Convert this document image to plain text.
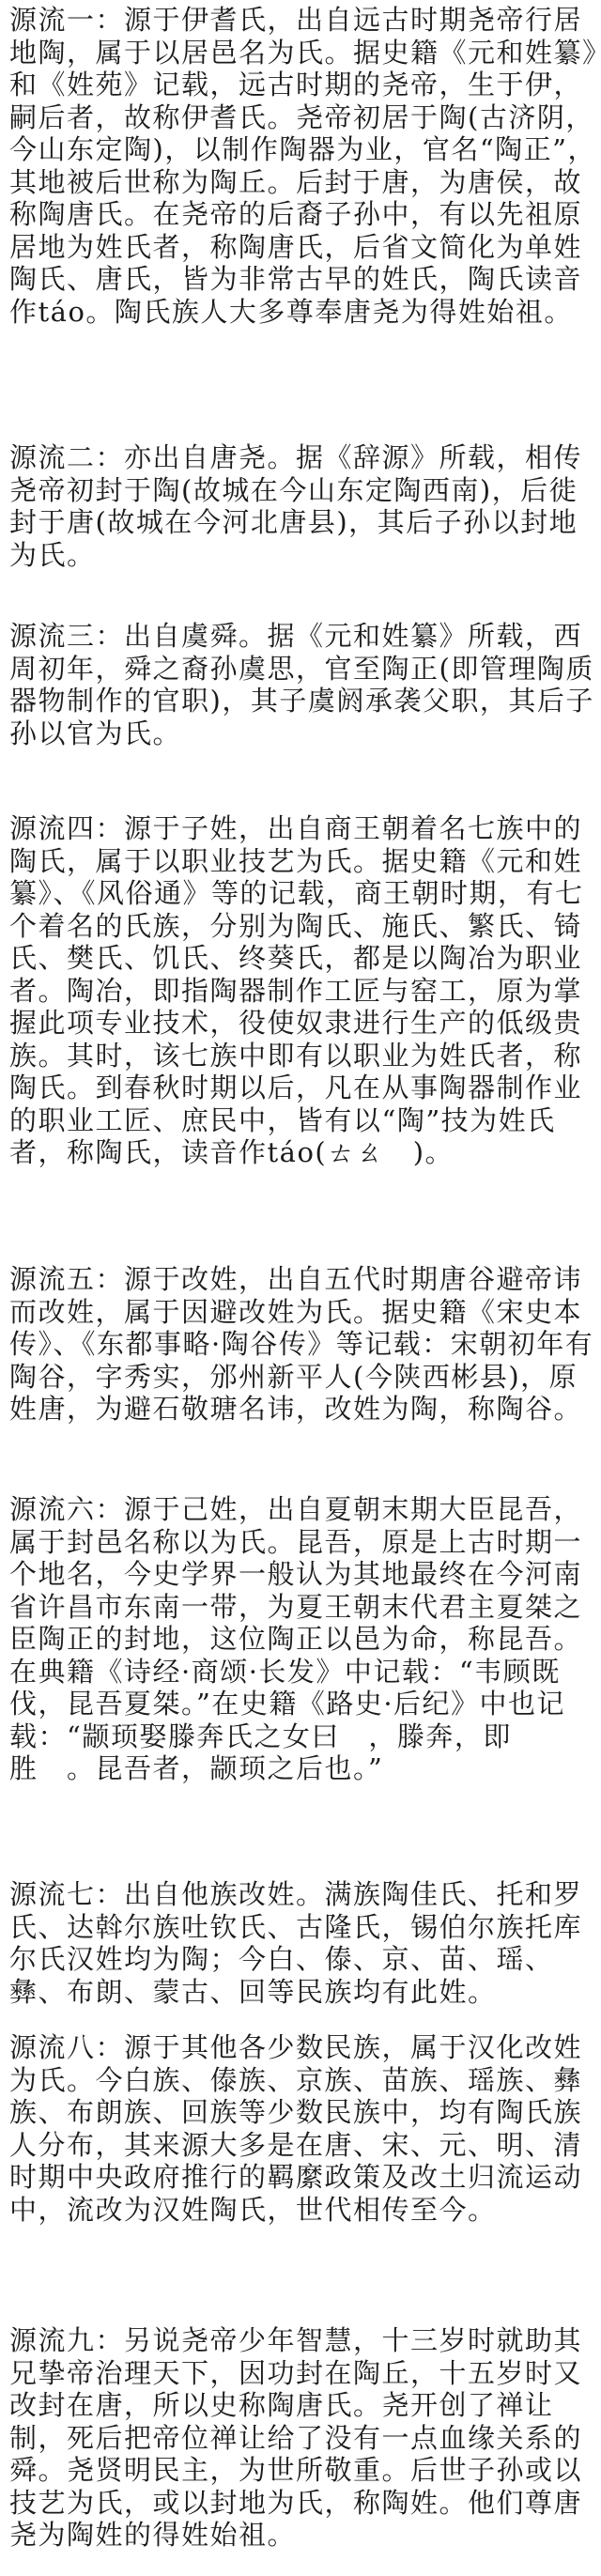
源流一：源于伊耆氏，出自远古时期尧帝行居地陶，属于以居邑名为氏。据史籍《元和姓纂》和《姓苑》记载，远古时期的尧帝，生于伊，嗣后者，故称伊耆氏。尧帝初居于陶(古济阴，今山东定陶)，以制作陶器为业，官名“陶正”，其地被后世称为陶丘。后封于唐，为唐侯，故称陶唐氏。在尧帝的后裔子孙中，有以先祖原居地为姓氏者，称陶唐氏，后省文简化为单姓陶氏、唐氏，皆为非常古早的姓氏，陶氏读音作táo。陶氏族人大多尊奉唐尧为得姓始祖。

源流二：亦出自唐尧。据《辞源》所载，相传尧帝初封于陶(故城在今山东定陶西南)，后徙封于唐(故城在今河北唐县)，其后子孙以封地为氏。

源流三：出自虞舜。据《元和姓纂》所载，西周初年，舜之裔孙虞思，官至陶正(即管理陶质器物制作的官职)，其子虞阏承袭父职，其后子孙以官为氏。

源流四：源于子姓，出自商王朝着名七族中的陶氏，属于以职业技艺为氏。据史籍《元和姓纂》、《风俗通》等的记载，商王朝时期，有七个着名的氏族，分别为陶氏、施氏、繁氏、锜氏、樊氏、饥氏、终葵氏，都是以陶冶为职业者。陶冶，即指陶器制作工匠与窑工，原为掌握此项专业技术，役使奴隶进行生产的低级贵族。其时，该七族中即有以职业为姓氏者，称陶氏。到春秋时期以后，凡在从事陶器制作业的职业工匠、庶民中，皆有以“陶”技为姓氏者，称陶氏，读音作táo(ㄊㄠ　)。

源流五：源于改姓，出自五代时期唐谷避帝讳而改姓，属于因避改姓为氏。据史籍《宋史本传》、《东都事略·陶谷传》等记载：宋朝初年有陶谷，字秀实，邠州新平人(今陕西彬县)，原姓唐，为避石敬瑭名讳，改姓为陶，称陶谷。

源流六：源于己姓，出自夏朝末期大臣昆吾，属于封邑名称以为氏。昆吾，原是上古时期一个地名，今史学界一般认为其地最终在今河南省许昌市东南一带，为夏王朝末代君主夏桀之臣陶正的封地，这位陶正以邑为命，称昆吾。在典籍《诗经·商颂·长发》中记载：“韦顾既伐，昆吾夏桀。”在史籍《路史·后纪》中也记载：“颛顼娶滕奔氏之女曰　，滕奔，即胜　。昆吾者，颛顼之后也。”

源流七：出自他族改姓。满族陶佳氏、托和罗氏、达斡尔族吐钦氏、古隆氏，锡伯尔族托库尔氏汉姓均为陶；今白、傣、京、苗、瑶、彝、布朗、蒙古、回等民族均有此姓。

源流八：源于其他各少数民族，属于汉化改姓为氏。今白族、傣族、京族、苗族、瑶族、彝族、布朗族、回族等少数民族中，均有陶氏族人分布，其来源大多是在唐、宋、元、明、清时期中央政府推行的羁縻政策及改土归流运动中，流改为汉姓陶氏，世代相传至今。

源流九：另说尧帝少年智慧，十三岁时就助其兄挚帝治理天下，因功封在陶丘，十五岁时又改封在唐，所以史称陶唐氏。尧开创了禅让制，死后把帝位禅让给了没有一点血缘关系的舜。尧贤明民主，为世所敬重。后世子孙或以技艺为氏，或以封地为氏，称陶姓。他们尊唐尧为陶姓的得姓始祖。
